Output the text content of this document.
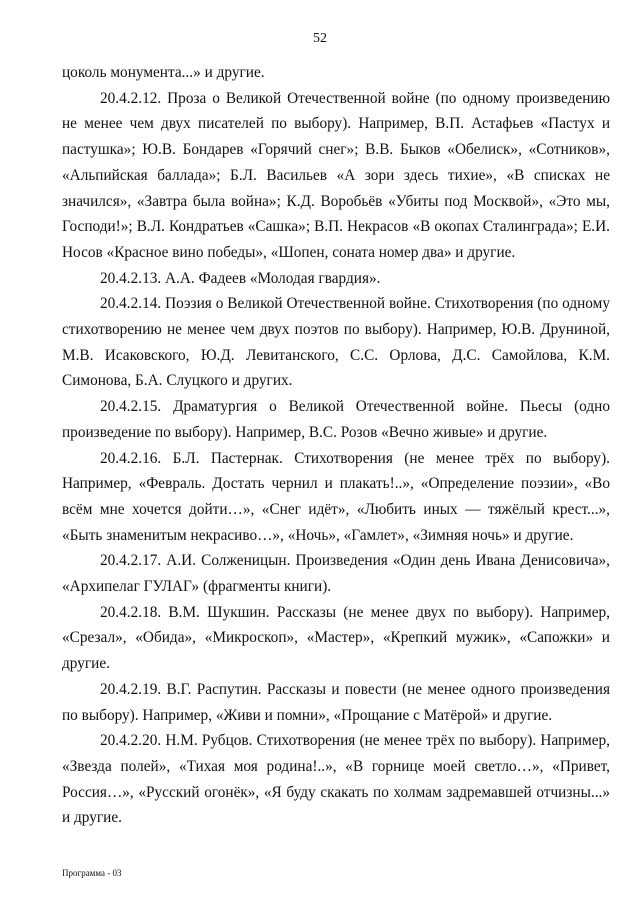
52

цоколь монумента...» и другие.

20.4.2.12. Проза о Великой Отечественной войне (по одному произведению не менее чем двух писателей по выбору). Например, В.П. Астафьев «Пастух и пастушка»; Ю.В. Бондарев «Горячий снег»; В.В. Быков «Обелиск», «Сотников», «Альпийская баллада»; Б.Л. Васильев «А зори здесь тихие», «В списках не значился», «Завтра была война»; К.Д. Воробьёв «Убиты под Москвой», «Это мы, Господи!»; В.Л. Кондратьев «Сашка»; В.П. Некрасов «В окопах Сталинграда»; Е.И. Носов «Красное вино победы», «Шопен, соната номер два» и другие.

20.4.2.13. А.А. Фадеев «Молодая гвардия».

20.4.2.14. Поэзия о Великой Отечественной войне. Стихотворения (по одному стихотворению не менее чем двух поэтов по выбору). Например, Ю.В. Друниной, М.В. Исаковского, Ю.Д. Левитанского, С.С. Орлова, Д.С. Самойлова, К.М. Симонова, Б.А. Слуцкого и других.

20.4.2.15. Драматургия о Великой Отечественной войне. Пьесы (одно произведение по выбору). Например, В.С. Розов «Вечно живые» и другие.

20.4.2.16. Б.Л. Пастернак. Стихотворения (не менее трёх по выбору). Например, «Февраль. Достать чернил и плакать!..», «Определение поэзии», «Во всём мне хочется дойти…», «Снег идёт», «Любить иных — тяжёлый крест...», «Быть знаменитым некрасиво…», «Ночь», «Гамлет», «Зимняя ночь» и другие.

20.4.2.17. А.И. Солженицын. Произведения «Один день Ивана Денисовича», «Архипелаг ГУЛАГ» (фрагменты книги).

20.4.2.18. В.М. Шукшин. Рассказы (не менее двух по выбору). Например, «Срезал», «Обида», «Микроскоп», «Мастер», «Крепкий мужик», «Сапожки» и другие.

20.4.2.19. В.Г. Распутин. Рассказы и повести (не менее одного произведения по выбору). Например, «Живи и помни», «Прощание с Матёрой» и другие.

20.4.2.20. Н.М. Рубцов. Стихотворения (не менее трёх по выбору). Например, «Звезда полей», «Тихая моя родина!..», «В горнице моей светло…», «Привет, Россия…», «Русский огонёк», «Я буду скакать по холмам задремавшей отчизны...» и другие.

Программа - 03
